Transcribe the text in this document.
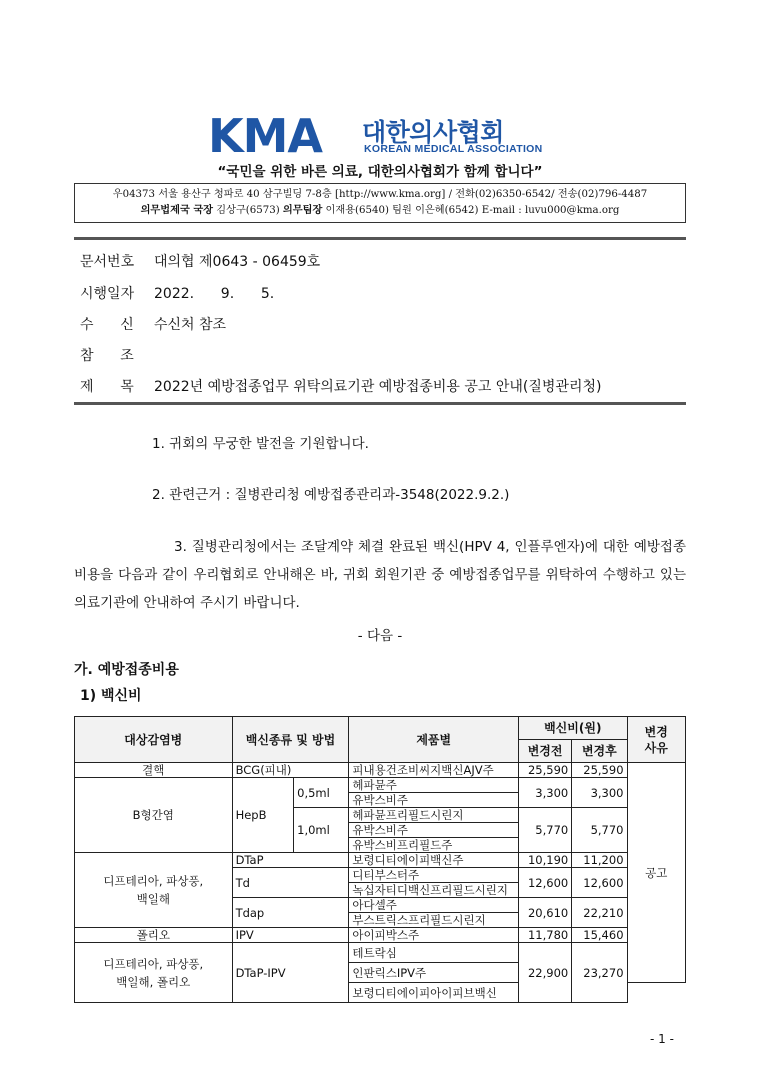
KMA 대한의사협회
KOREAN MEDICAL ASSOCIATION
“국민을 위한 바른 의료, 대한의사협회가 함께 합니다”
우04373 서울 용산구 청파로 40 삼구빌딩 7-8층 [http://www.kma.org] / 전화(02)6350-6542/ 전송(02)796-4487
의무법제국 국장 김상구(6573) 의무팀장 이재용(6540) 팀원 이은혜(6542) E-mail : luvu000@kma.org
문서번호 대의협 제0643 - 06459호
시행일자 2022.      9.      5.
수      신 수신처 참조
참      조
제      목 2022년 예방접종업무 위탁의료기관 예방접종비용 공고 안내(질병관리청)
1. 귀회의 무궁한 발전을 기원합니다.
2. 관련근거 : 질병관리청 예방접종관리과-3548(2022.9.2.)
3. 질병관리청에서는 조달계약 체결 완료된 백신(HPV 4, 인플루엔자)에 대한 예방접종비용을 다음과 같이 우리협회로 안내해온 바, 귀회 회원기관 중 예방접종업무를 위탁하여 수행하고 있는 의료기관에 안내하여 주시기 바랍니다.
- 다음 -
가. 예방접종비용
1) 백신비
대상감염병	백신종류 및 방법		제품별	백신비(원)		변경
사유
				변경전	변경후	
결핵	BCG(피내)		피내용건조비씨지백신AJV주	25,590	25,590	공고
B형간염	HepB	0,5ml	헤파뮨주	3,300	3,300	
			유박스비주			
		1,0ml	헤파뮨프리필드시린지	5,770	5,770	
			유박스비주			
			유박스비프리필드주			
디프테리아, 파상풍,
백일해	DTaP		보령디티에이피백신주	10,190	11,200	
	Td		디티부스터주	12,600	12,600	
			녹십자티디백신프리필드시린지			
	Tdap		아다셀주	20,610	22,210	
			부스트릭스프리필드시린지			
폴리오	IPV		아이피박스주	11,780	15,460	
디프테리아, 파상풍,
백일해, 폴리오	DTaP-IPV		테트락심	22,900	23,270	
			인판릭스IPV주			
			보령디티에이피아이피브백신			
- 1 -
